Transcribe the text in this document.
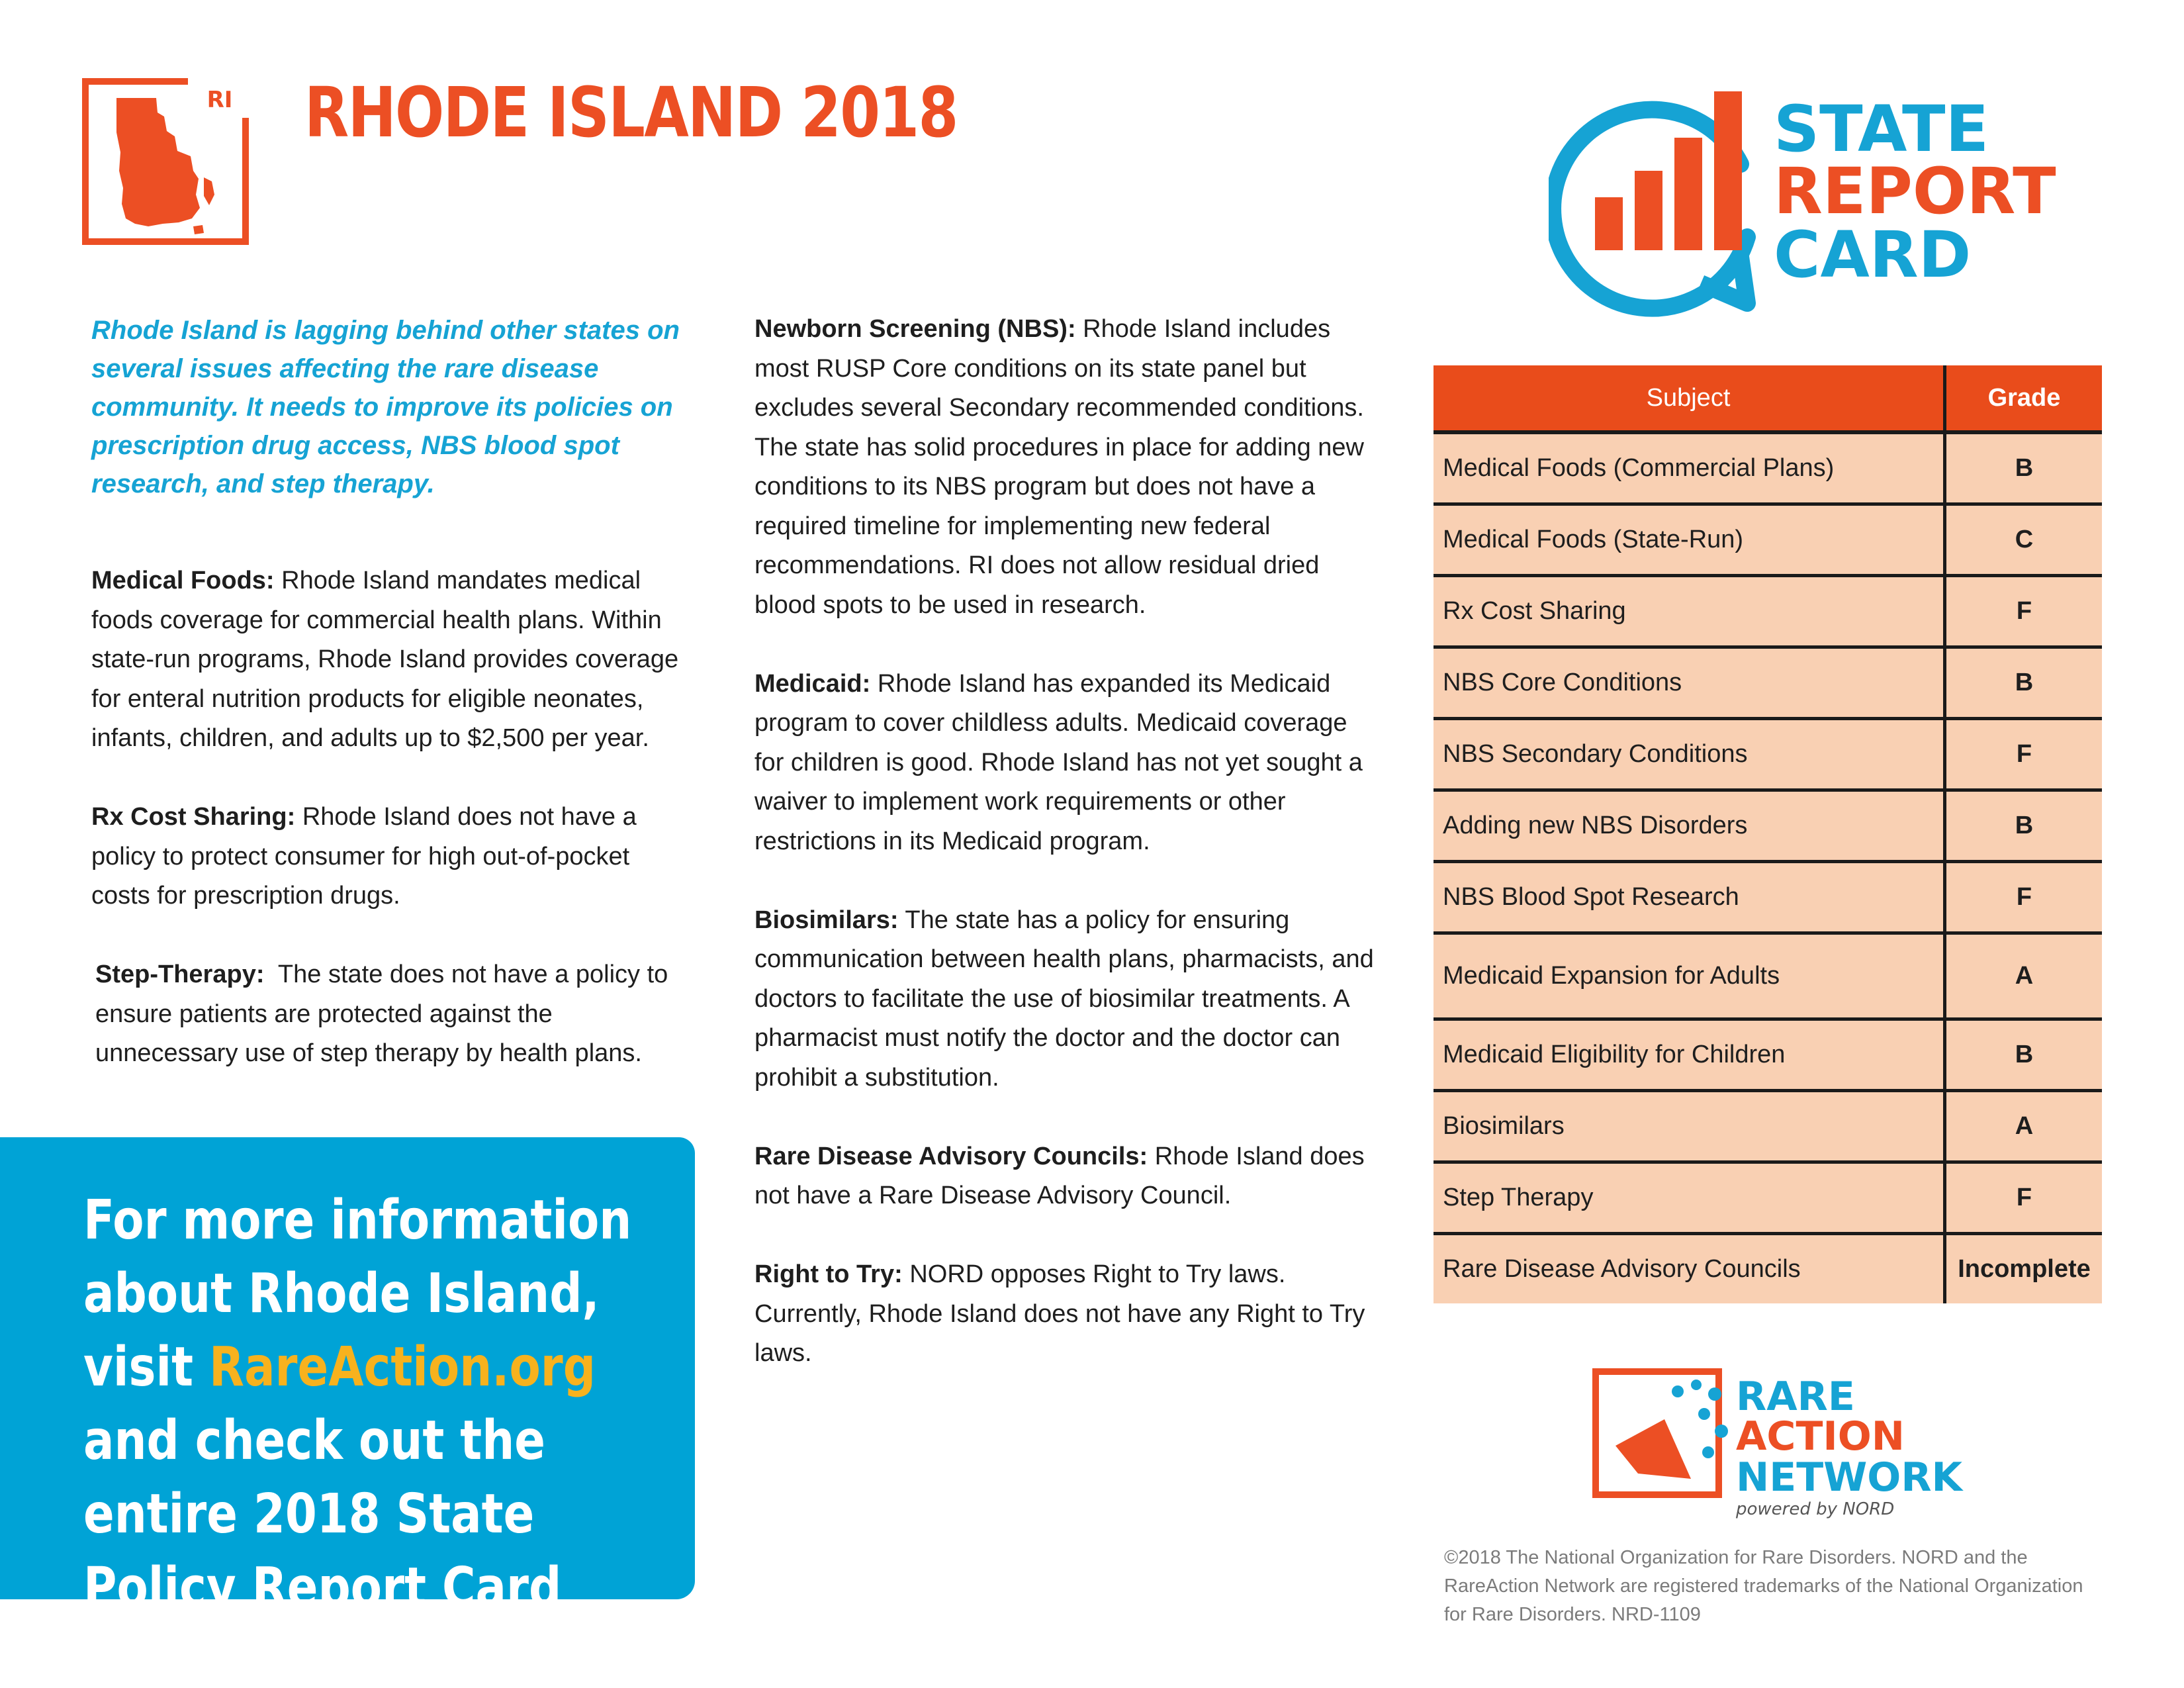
RI RHODE ISLAND 2018	STATE
REPORT
CARD

Rhode Island is lagging behind other states on several issues affecting the rare disease community. It needs to improve its policies on prescription drug access, NBS blood spot research, and step therapy.

Medical Foods: Rhode Island mandates medical foods coverage for commercial health plans. Within state-run programs, Rhode Island provides coverage for enteral nutrition products for eligible neonates, infants, children, and adults up to $2,500 per year.

Rx Cost Sharing: Rhode Island does not have a policy to protect consumer for high out-of-pocket costs for prescription drugs.

Step-Therapy: The state does not have a policy to ensure patients are protected against the unnecessary use of step therapy by health plans.

Newborn Screening (NBS): Rhode Island includes most RUSP Core conditions on its state panel but excludes several Secondary recommended conditions. The state has solid procedures in place for adding new conditions to its NBS program but does not have a required timeline for implementing new federal recommendations. RI does not allow residual dried blood spots to be used in research.

Medicaid: Rhode Island has expanded its Medicaid program to cover childless adults. Medicaid coverage for children is good. Rhode Island has not yet sought a waiver to implement work requirements or other restrictions in its Medicaid program.

Biosimilars: The state has a policy for ensuring communication between health plans, pharmacists, and doctors to facilitate the use of biosimilar treatments. A pharmacist must notify the doctor and the doctor can prohibit a substitution.

Rare Disease Advisory Councils: Rhode Island does not have a Rare Disease Advisory Council.

Right to Try: NORD opposes Right to Try laws. Currently, Rhode Island does not have any Right to Try laws.

For more information about Rhode Island, visit RareAction.org and check out the entire 2018 State Policy Report Card

Subject	Grade
Medical Foods (Commercial Plans)	B
Medical Foods (State-Run)	C
Rx Cost Sharing	F
NBS Core Conditions	B
NBS Secondary Conditions	F
Adding new NBS Disorders	B
NBS Blood Spot Research	F
Medicaid Expansion for Adults	A
Medicaid Eligibility for Children	B
Biosimilars	A
Step Therapy	F
Rare Disease Advisory Councils	Incomplete
RARE
ACTION
NETWORK
powered by NORD

©2018 The National Organization for Rare Disorders. NORD and the RareAction Network are registered trademarks of the National Organization for Rare Disorders. NRD-1109
